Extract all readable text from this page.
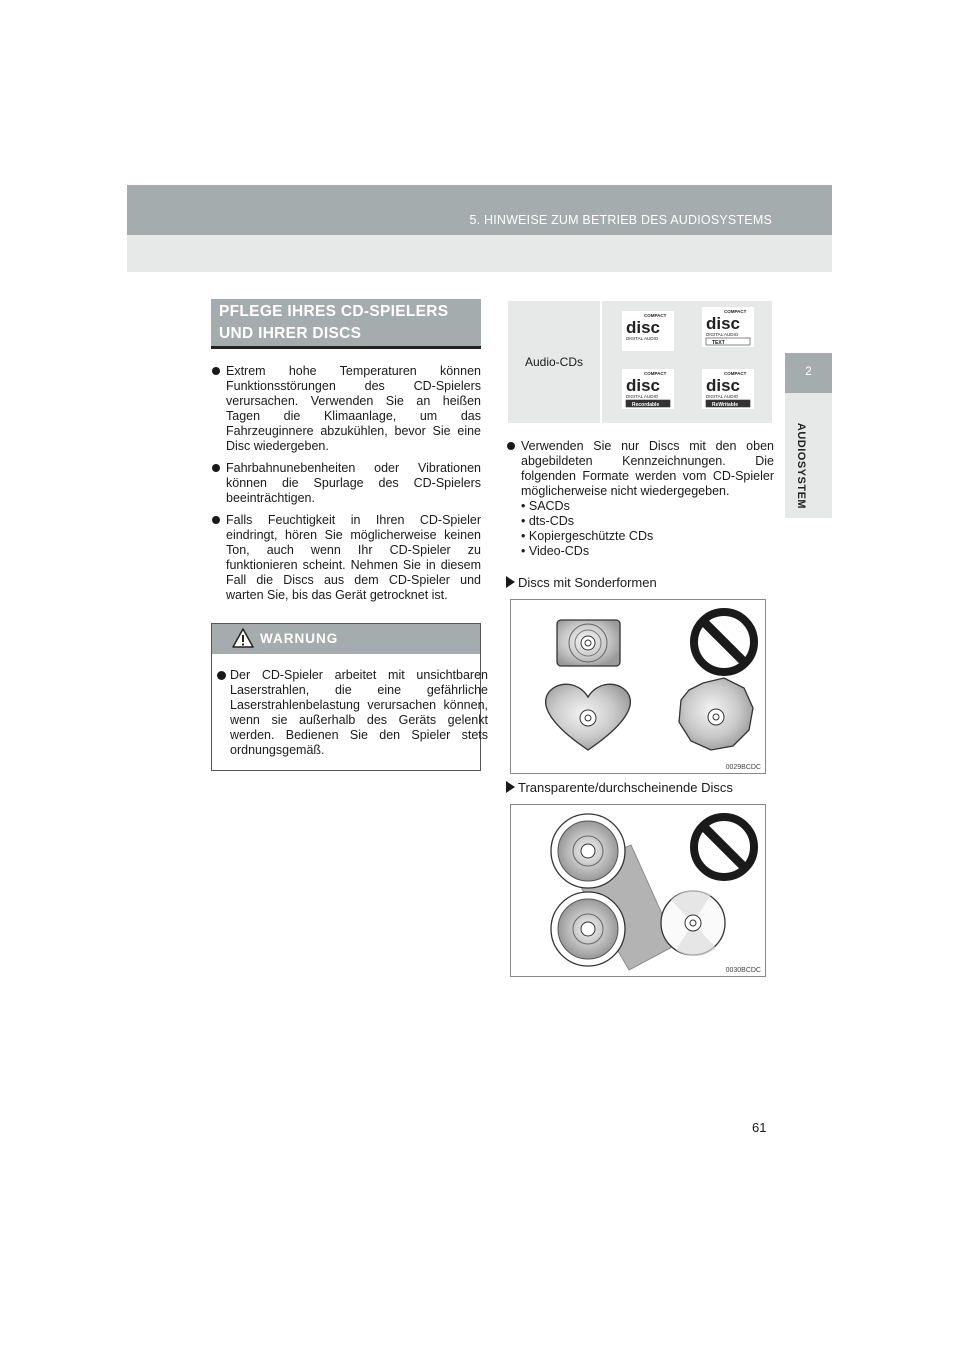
5. HINWEISE ZUM BETRIEB DES AUDIOSYSTEMS
2
AUDIOSYSTEM
PFLEGE IHRES CD-SPIELERS UND IHRER DISCS
Extrem hohe Temperaturen können Funktionsstörungen des CD-Spielers verursachen. Verwenden Sie an heißen Tagen die Klimaanlage, um das Fahrzeuginnere abzukühlen, bevor Sie eine Disc wiedergeben.
Fahrbahnunebenheiten oder Vibrationen können die Spurlage des CD-Spielers beeinträchtigen.
Falls Feuchtigkeit in Ihren CD-Spieler eindringt, hören Sie möglicherweise keinen Ton, auch wenn Ihr CD-Spieler zu funktionieren scheint. Nehmen Sie in diesem Fall die Discs aus dem CD-Spieler und warten Sie, bis das Gerät getrocknet ist.
WARNUNG
Der CD-Spieler arbeitet mit unsichtbaren Laserstrahlen, die eine gefährliche Laserstrahlenbelastung verursachen können, wenn sie außerhalb des Geräts gelenkt werden. Bedienen Sie den Spieler stets ordnungsgemäß.
Audio-CDs	
COMPACT
disc
DIGITAL AUDIO
COMPACT
disc
DIGITAL AUDIO
TEXT
COMPACT
disc
DIGITAL AUDIO
Recordable
COMPACT
disc
DIGITAL AUDIO
ReWritable
Verwenden Sie nur Discs mit den oben abgebildeten Kennzeichnungen. Die folgenden Formate werden vom CD-Spieler möglicherweise nicht wiedergegeben.
• SACDs
• dts-CDs
• Kopiergeschützte CDs
• Video-CDs
Discs mit Sonderformen
0029BCDC
Transparente/durchscheinende Discs
0030BCDC
61
